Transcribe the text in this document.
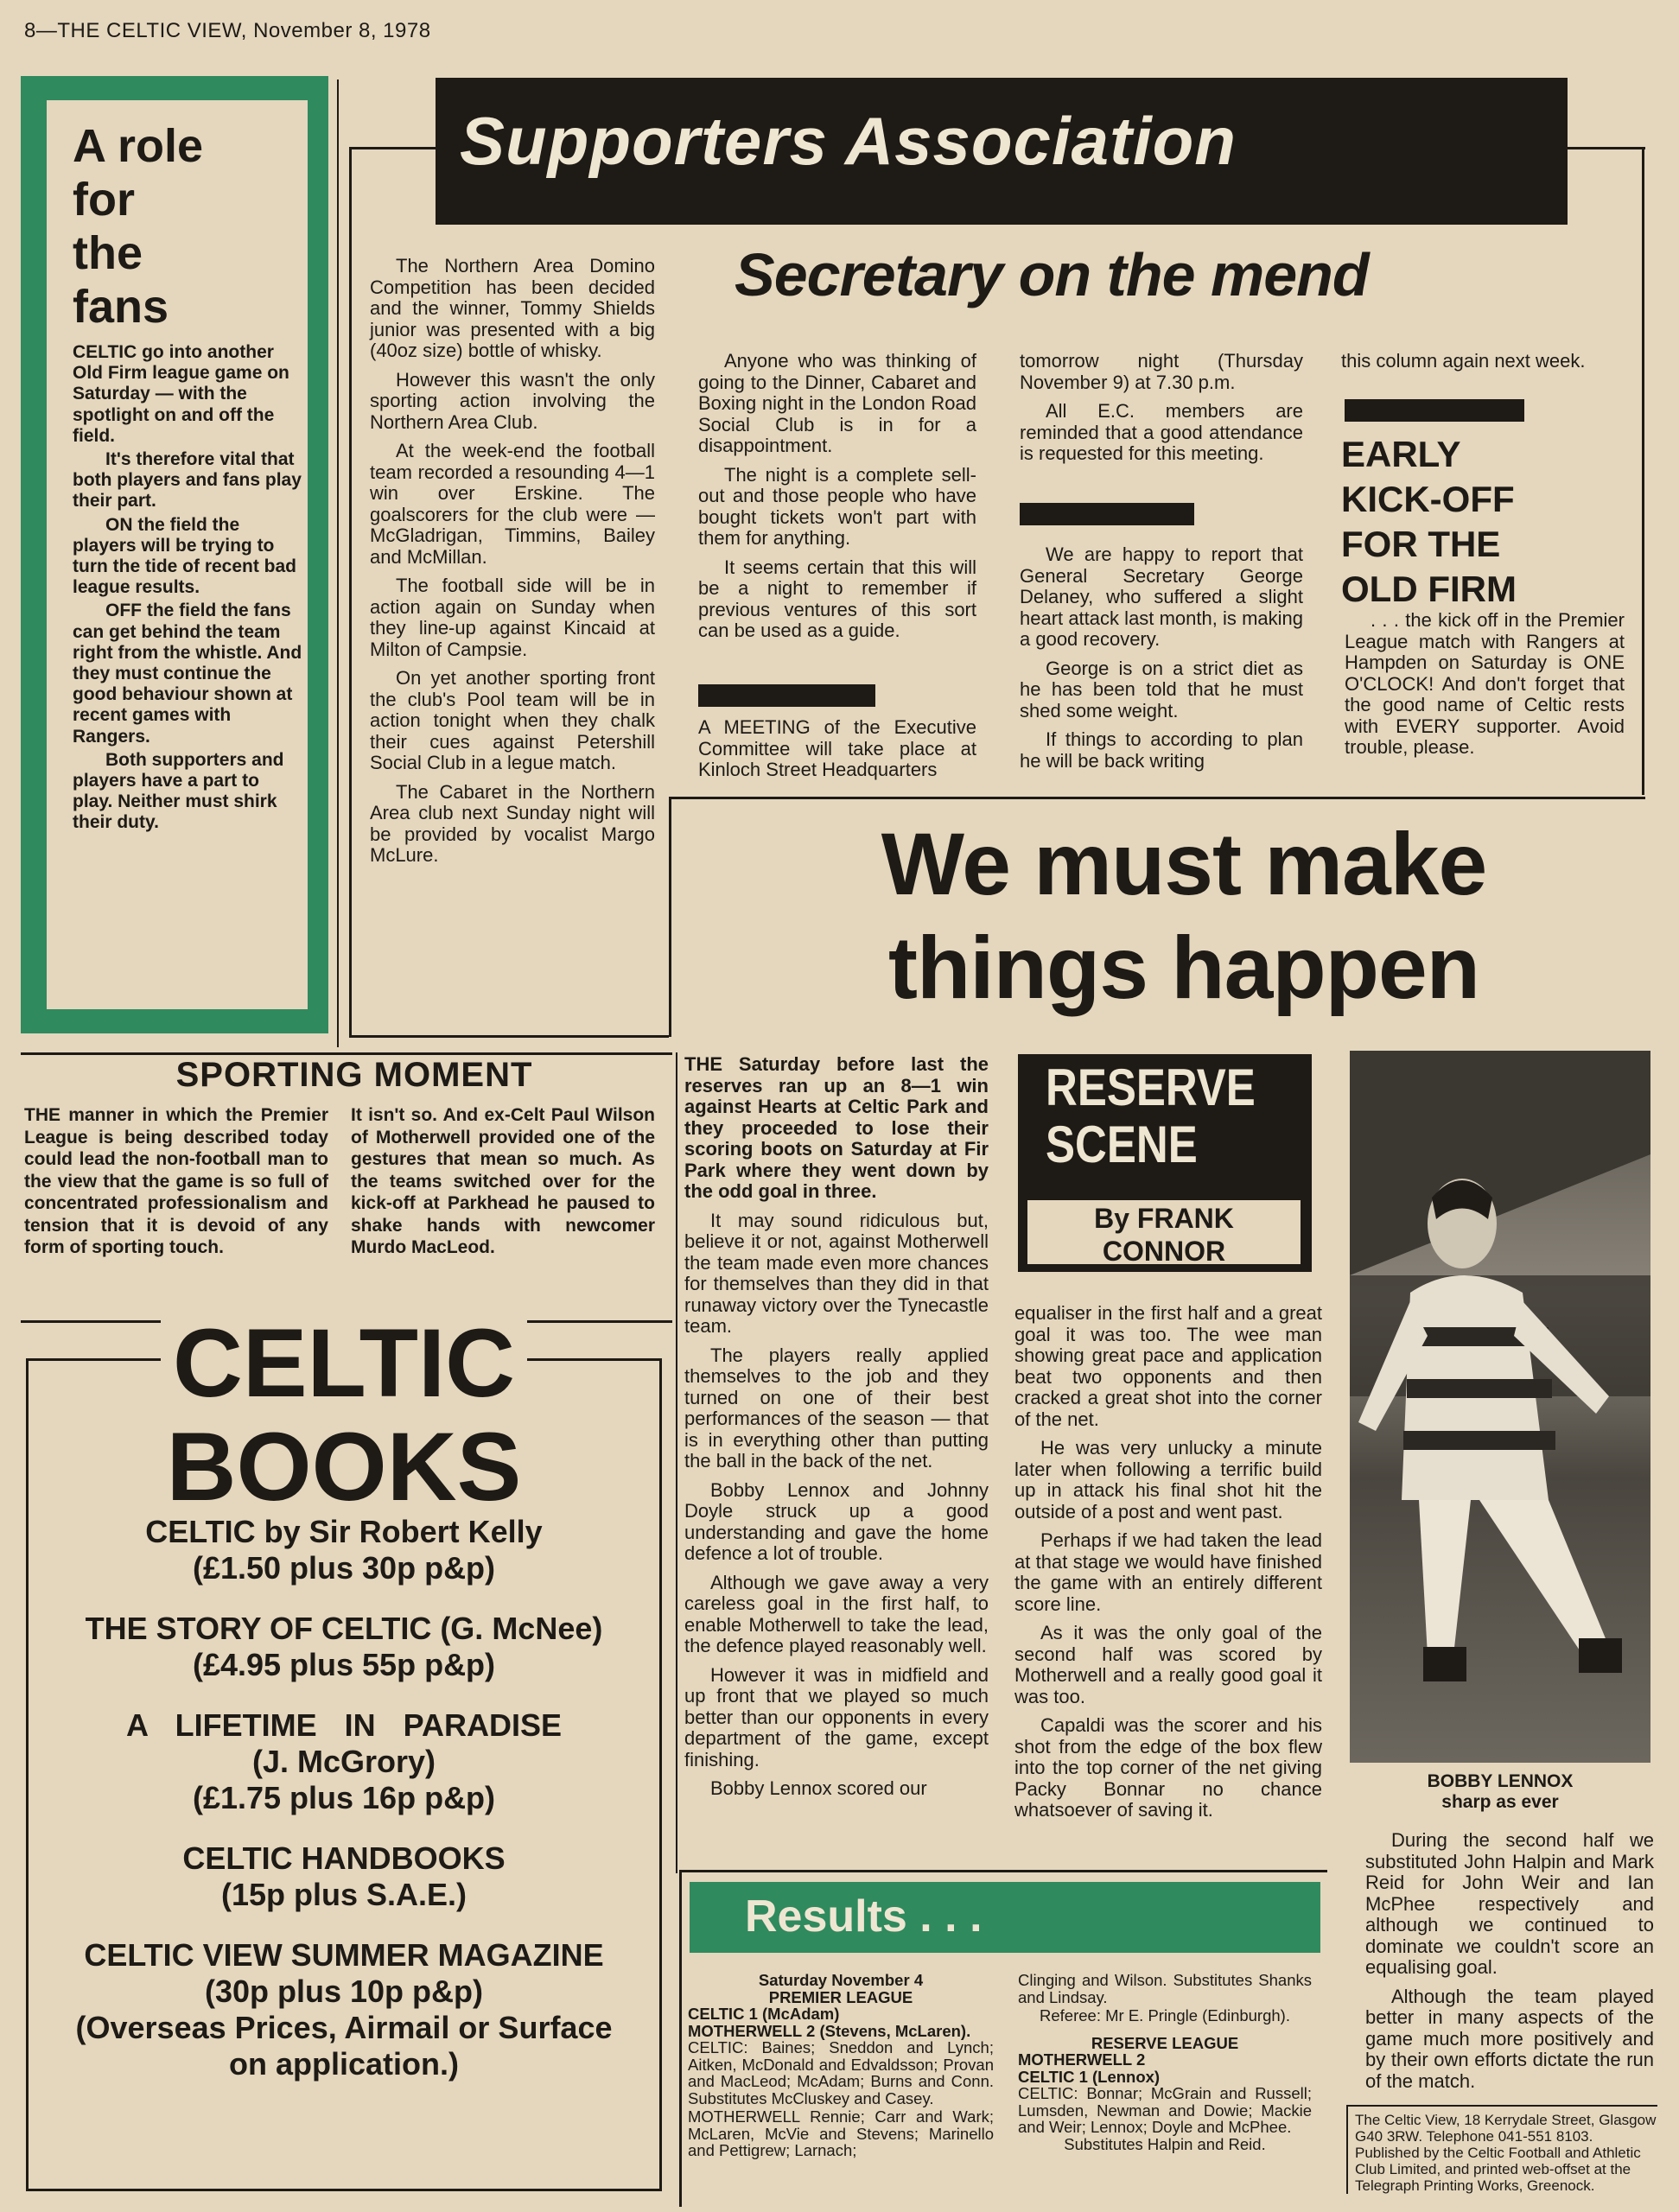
8—THE CELTIC VIEW, November 8, 1978
A role
for
the
fans

CELTIC go into another Old Firm league game on Saturday — with the spotlight on and off the field.

It's therefore vital that both players and fans play their part.

ON the field the players will be trying to turn the tide of recent bad league results.

OFF the field the fans can get behind the team right from the whistle. And they must continue the good behaviour shown at recent games with Rangers.

Both supporters and players have a part to play. Neither must shirk their duty.

Supporters Association
Secretary on the mend

The Northern Area Domino Competition has been decided and the winner, Tommy Shields junior was presented with a big (40oz size) bottle of whisky.

However this wasn't the only sporting action involving the Northern Area Club.

At the week-end the football team recorded a resounding 4—1 win over Erskine. The goalscorers for the club were — McGladrigan, Timmins, Bailey and McMillan.

The football side will be in action again on Sunday when they line-up against Kincaid at Milton of Campsie.

On yet another sporting front the club's Pool team will be in action tonight when they chalk their cues against Petershill Social Club in a legue match.

The Cabaret in the Northern Area club next Sunday night will be provided by vocalist Margo McLure.

Anyone who was thinking of going to the Dinner, Cabaret and Boxing night in the London Road Social Club is in for a disappointment.

The night is a complete sell-out and those people who have bought tickets won't part with them for anything.

It seems certain that this will be a night to remember if previous ventures of this sort can be used as a guide.

A MEETING of the Executive Committee will take place at Kinloch Street Headquarters

tomorrow night (Thursday November 9) at 7.30 p.m.

All E.C. members are reminded that a good attendance is requested for this meeting.

We are happy to report that General Secretary George Delaney, who suffered a slight heart attack last month, is making a good recovery.

George is on a strict diet as he has been told that he must shed some weight.

If things to according to plan he will be back writing

this column again next week.
EARLY
KICK-OFF
FOR THE
OLD FIRM

. . . the kick off in the Premier League match with Rangers at Hampden on Saturday is ONE O'CLOCK! And don't forget that the good name of Celtic rests with EVERY supporter. Avoid trouble, please.

We must make
things happen
SPORTING MOMENT
THE manner in which the Premier League is being described today could lead the non-football man to the view that the game is so full of concentrated professionalism and tension that it is devoid of any form of sporting touch.
It isn't so. And ex-Celt Paul Wilson of Motherwell provided one of the gestures that mean so much. As the teams switched over for the kick-off at Parkhead he paused to shake hands with newcomer Murdo MacLeod.
CELTIC
BOOKS
CELTIC by Sir Robert Kelly
(£1.50 plus 30p p&p)
THE STORY OF CELTIC (G. McNee)
(£4.95 plus 55p p&p)
A LIFETIME IN PARADISE
(J. McGrory)
(£1.75 plus 16p p&p)
CELTIC HANDBOOKS
(15p plus S.A.E.)
CELTIC VIEW SUMMER MAGAZINE
(30p plus 10p p&p)
(Overseas Prices, Airmail or Surface
on application.)

THE Saturday before last the reserves ran up an 8—1 win against Hearts at Celtic Park and they proceeded to lose their scoring boots on Saturday at Fir Park where they went down by the odd goal in three.

It may sound ridiculous but, believe it or not, against Motherwell the team made even more chances for themselves than they did in that runaway victory over the Tynecastle team.

The players really applied themselves to the job and they turned on one of their best performances of the season — that is in everything other than putting the ball in the back of the net.

Bobby Lennox and Johnny Doyle struck up a good understanding and gave the home defence a lot of trouble.

Although we gave away a very careless goal in the first half, to enable Motherwell to take the lead, the defence played reasonably well.

However it was in midfield and up front that we played so much better than our opponents in every department of the game, except finishing.

Bobby Lennox scored our

RESERVE
SCENE
By FRANK
CONNOR

equaliser in the first half and a great goal it was too. The wee man showing great pace and application beat two opponents and then cracked a great shot into the corner of the net.

He was very unlucky a minute later when following a terrific build up in attack his final shot hit the outside of a post and went past.

Perhaps if we had taken the lead at that stage we would have finished the game with an entirely different score line.

As it was the only goal of the second half was scored by Motherwell and a really good goal it was too.

Capaldi was the scorer and his shot from the edge of the box flew into the top corner of the net giving Packy Bonnar no chance whatsoever of saving it.

BOBBY LENNOX
sharp as ever

During the second half we substituted John Halpin and Mark Reid for John Weir and Ian McPhee respectively and although we continued to dominate we couldn't score an equalising goal.

Although the team played better in many aspects of the game much more positively and by their own efforts dictate the run of the match.

The Celtic View, 18 Kerrydale Street, Glasgow G40 3RW. Telephone 041-551 8103. Published by the Celtic Football and Athletic Club Limited, and printed web-offset at the Telegraph Printing Works, Greenock.
Results . . .
Saturday November 4
PREMIER LEAGUE
CELTIC 1 (McAdam)
MOTHERWELL 2 (Stevens, McLaren).
CELTIC: Baines; Sneddon and Lynch; Aitken, McDonald and Edvaldsson; Provan and MacLeod; McAdam; Burns and Conn. Substitutes McCluskey and Casey.
MOTHERWELL Rennie; Carr and Wark; McLaren, McVie and Stevens; Marinello and Pettigrew; Larnach;
Clinging and Wilson. Substitutes Shanks and Lindsay.
Referee: Mr E. Pringle (Edinburgh).
RESERVE LEAGUE
MOTHERWELL 2
CELTIC 1 (Lennox)
CELTIC: Bonnar; McGrain and Russell; Lumsden, Newman and Dowie; Mackie and Weir; Lennox; Doyle and McPhee.
Substitutes Halpin and Reid.
